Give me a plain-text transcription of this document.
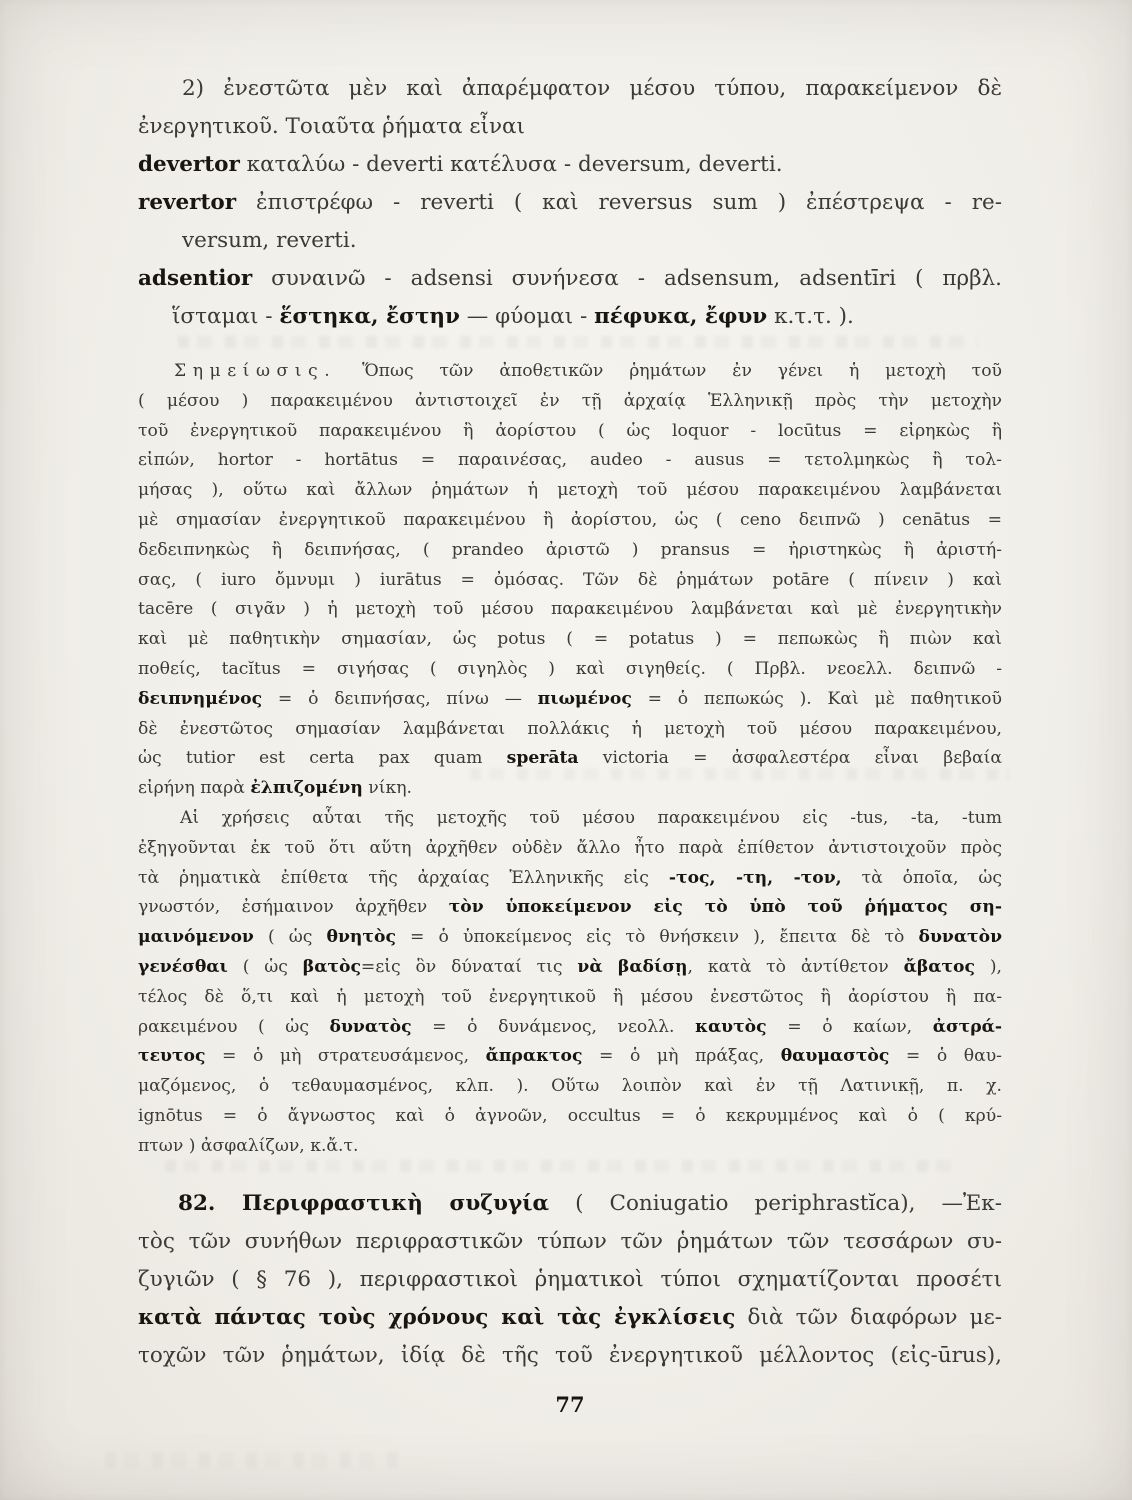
2) ἐνεστῶτα μὲν καὶ ἀπαρέμφατον μέσου τύπου, παρακείμενον δὲ
ἐνεργητικοῦ. Τοιαῦτα ῥήματα εἶναι
devertor καταλύω - deverti κατέλυσα - deversum, deverti.
revertor ἐπιστρέφω - reverti ( καὶ reversus sum ) ἐπέστρεψα - re-
versum, reverti.
adsentior συναινῶ - adsensi συνήνεσα - adsensum, adsentīri ( πρβλ.
ἵσταμαι - ἕστηκα, ἔστην — φύομαι - πέφυκα, ἔφυν κ.τ.τ. ).
Σημείωσις. Ὅπως τῶν ἀποθετικῶν ῥημάτων ἐν γένει ἡ μετοχὴ τοῦ
( μέσου ) παρακειμένου ἀντιστοιχεῖ ἐν τῇ ἀρχαίᾳ Ἑλληνικῇ πρὸς τὴν μετοχὴν
τοῦ ἐνεργητικοῦ παρακειμένου ἢ ἀορίστου ( ὡς loquor - locūtus = εἰρηκὼς ἢ
εἰπών, hortor - hortātus = παραινέσας, audeo - ausus = τετολμηκὼς ἢ τολ-
μήσας ), οὕτω καὶ ἄλλων ῥημάτων ἡ μετοχὴ τοῦ μέσου παρακειμένου λαμβάνεται
μὲ σημασίαν ἐνεργητικοῦ παρακειμένου ἢ ἀορίστου, ὡς ( ceno δειπνῶ ) cenātus =
δεδειπνηκὼς ἢ δειπνήσας, ( prandeo ἀριστῶ ) pransus = ἠριστηκὼς ἢ ἀριστή-
σας, ( iuro ὄμνυμι ) iurātus = ὀμόσας. Τῶν δὲ ῥημάτων potāre ( πίνειν ) καὶ
tacēre ( σιγᾶν ) ἡ μετοχὴ τοῦ μέσου παρακειμένου λαμβάνεται καὶ μὲ ἐνεργητικὴν
καὶ μὲ παθητικὴν σημασίαν, ὡς potus ( = potatus ) = πεπωκὼς ἢ πιὼν καὶ
ποθείς, tacĭtus = σιγήσας ( σιγηλὸς ) καὶ σιγηθείς. ( Πρβλ. νεοελλ. δειπνῶ -
δειπνημένος = ὁ δειπνήσας, πίνω — πιωμένος = ὁ πεπωκώς ). Καὶ μὲ παθητικοῦ
δὲ ἐνεστῶτος σημασίαν λαμβάνεται πολλάκις ἡ μετοχὴ τοῦ μέσου παρακειμένου,
ὡς tutior est certa pax quam sperāta victoria = ἀσφαλεστέρα εἶναι βεβαία
εἰρήνη παρὰ ἐλπιζομένη νίκη.
Αἱ χρήσεις αὗται τῆς μετοχῆς τοῦ μέσου παρακειμένου εἰς -tus, -ta, -tum
ἐξηγοῦνται ἐκ τοῦ ὅτι αὕτη ἀρχῆθεν οὐδὲν ἄλλο ἦτο παρὰ ἐπίθετον ἀντιστοιχοῦν πρὸς
τὰ ῥηματικὰ ἐπίθετα τῆς ἀρχαίας Ἑλληνικῆς εἰς -τος, -τη, -τον, τὰ ὁποῖα, ὡς
γνωστόν, ἐσήμαινον ἀρχῆθεν τὸν ὑποκείμενον εἰς τὸ ὑπὸ τοῦ ῥήματος ση-
μαινόμενον ( ὡς θνητὸς = ὁ ὑποκείμενος εἰς τὸ θνήσκειν ), ἔπειτα δὲ τὸ δυνατὸν
γενέσθαι ( ὡς βατὸς=εἰς ὃν δύναταί τις νὰ βαδίσῃ, κατὰ τὸ ἀντίθετον ἄβατος ),
τέλος δὲ ὅ,τι καὶ ἡ μετοχὴ τοῦ ἐνεργητικοῦ ἢ μέσου ἐνεστῶτος ἢ ἀορίστου ἢ πα-
ρακειμένου ( ὡς δυνατὸς = ὁ δυνάμενος, νεολλ. καυτὸς = ὁ καίων, ἀστρά-
τευτος = ὁ μὴ στρατευσάμενος, ἄπρακτος = ὁ μὴ πράξας, θαυμαστὸς = ὁ θαυ-
μαζόμενος, ὁ τεθαυμασμένος, κλπ. ). Οὕτω λοιπὸν καὶ ἐν τῇ Λατινικῇ, π. χ.
ignōtus = ὁ ἄγνωστος καὶ ὁ ἀγνοῶν, occultus = ὁ κεκρυμμένος καὶ ὁ ( κρύ-
πτων ) ἀσφαλίζων, κ.ἄ.τ.
82. Περιφραστικὴ συζυγία ( Coniugatio periphrastĭca), —Ἐκ-
τὸς τῶν συνήθων περιφραστικῶν τύπων τῶν ῥημάτων τῶν τεσσάρων συ-
ζυγιῶν ( § 76 ), περιφραστικοὶ ῥηματικοὶ τύποι σχηματίζονται προσέτι
κατὰ πάντας τοὺς χρόνους καὶ τὰς ἐγκλίσεις διὰ τῶν διαφόρων με-
τοχῶν τῶν ῥημάτων, ἰδίᾳ δὲ τῆς τοῦ ἐνεργητικοῦ μέλλοντος (εἰς-ūrus),
77
